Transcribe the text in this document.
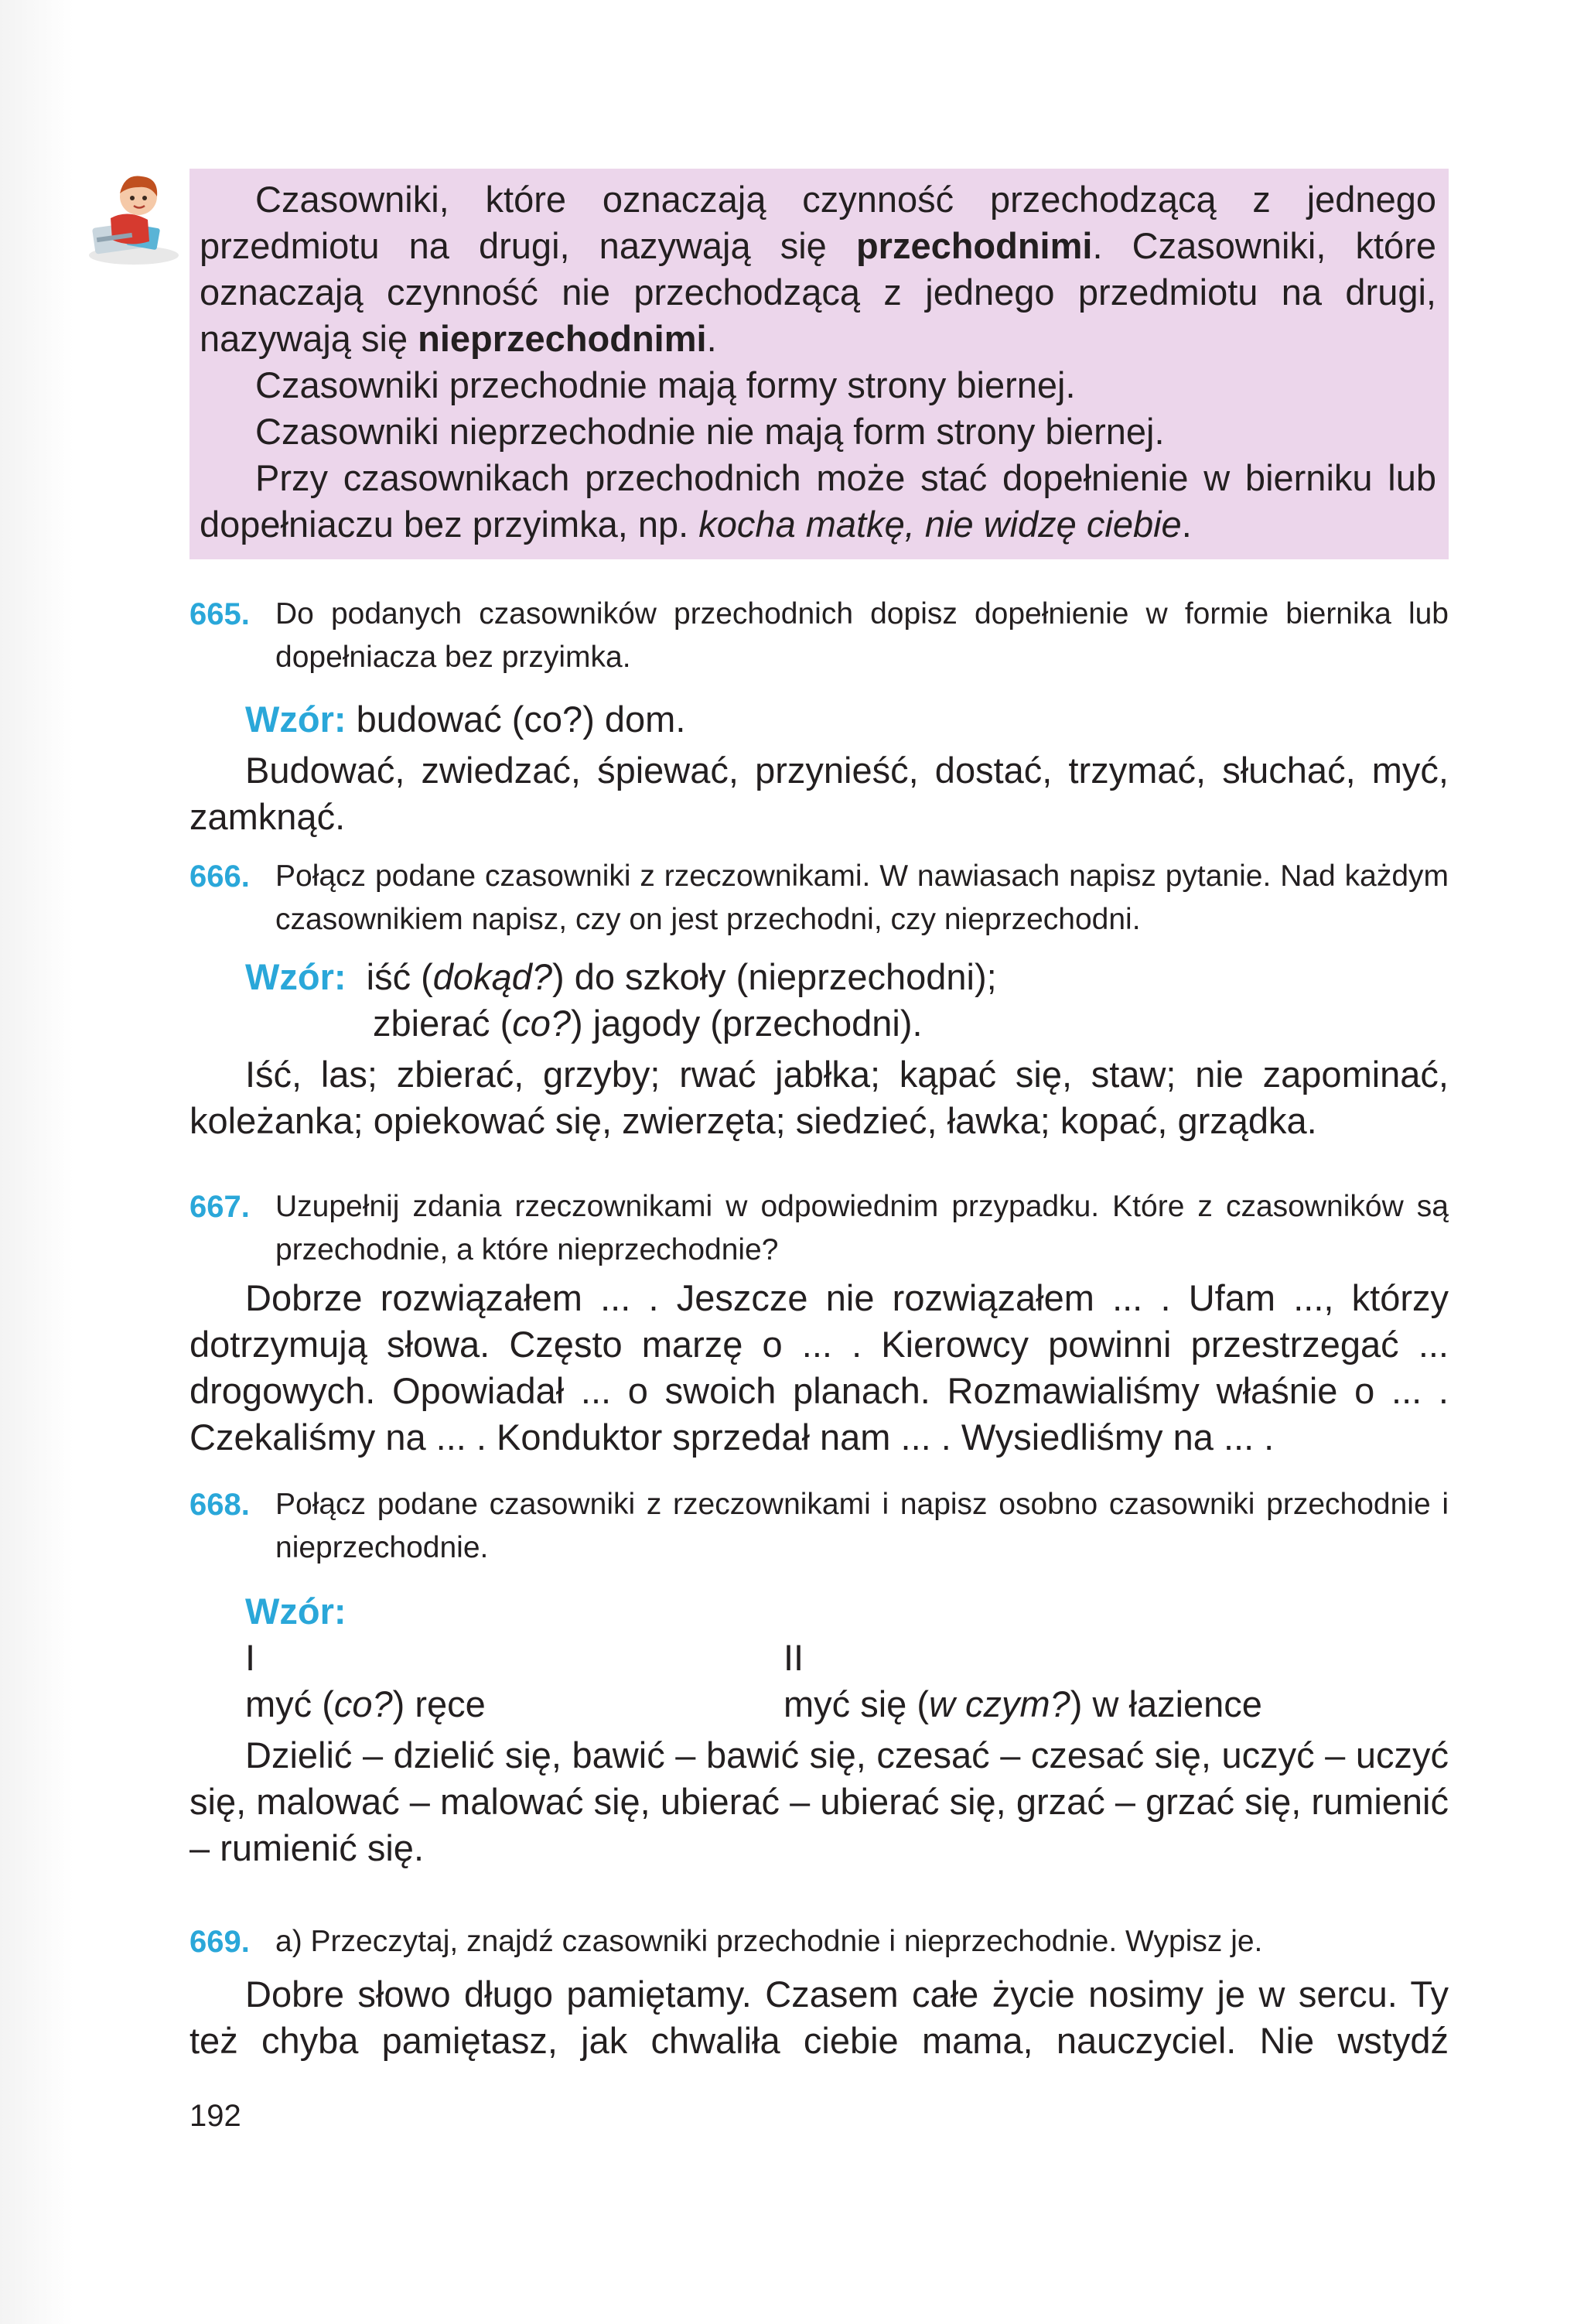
Czasowniki, które oznaczają czynność przechodzącą z jednego przedmiotu na drugi, nazywają się przechodnimi. Czasowniki, które oznaczają czynność nie przechodzącą z jednego przedmiotu na drugi, nazywają się nieprzechodnimi.

Czasowniki przechodnie mają formy strony biernej.

Czasowniki nieprzechodnie nie mają form strony biernej.

Przy czasownikach przechodnich może stać dopełnienie w bierniku lub dopełniaczu bez przyimka, np. kocha matkę, nie widzę ciebie.

665. Do podanych czasowników przechodnich dopisz dopełnienie w formie biernika lub dopełniacza bez przyimka.
Wzór: budować (co?) dom.

Budować, zwiedzać, śpiewać, przynieść, dostać, trzymać, słuchać, myć, zamknąć.

666. Połącz podane czasowniki z rzeczownikami. W nawiasach napisz pytanie. Nad każdym czasownikiem napisz, czy on jest przechodni, czy nieprzechodni.
Wzór: iść (dokąd?) do szkoły (nieprzechodni);
zbierać (co?) jagody (przechodni).

Iść, las; zbierać, grzyby; rwać jabłka; kąpać się, staw; nie zapominać, koleżanka; opiekować się, zwierzęta; siedzieć, ławka; kopać, grządka.

667. Uzupełnij zdania rzeczownikami w odpowiednim przypadku. Które z czasowników są przechodnie, a które nieprzechodnie?

Dobrze rozwiązałem ... . Jeszcze nie rozwiązałem ... . Ufam ..., którzy dotrzymują słowa. Często marzę o ... . Kierowcy powinni przestrzegać ... drogowych. Opowiadał ... o swoich planach. Rozmawialiśmy właśnie o ... . Czekaliśmy na ... . Konduktor sprzedał nam ... . Wysiedliśmy na ... .

668. Połącz podane czasowniki z rzeczownikami i napisz osobno czasowniki przechodnie i nieprzechodnie.
Wzór:
I	II
myć (co?) ręce	myć się (w czym?) w łazience

Dzielić – dzielić się, bawić – bawić się, czesać – czesać się, uczyć – uczyć się, malować – malować się, ubierać – ubierać się, grzać – grzać się, rumienić – rumienić się.

669. a) Przeczytaj, znajdź czasowniki przechodnie i nieprzechodnie. Wypisz je.

Dobre słowo długo pamiętamy. Czasem całe życie nosimy je w sercu. Ty też chyba pamiętasz, jak chwaliła ciebie mama, nauczyciel. Nie wstydź

192
